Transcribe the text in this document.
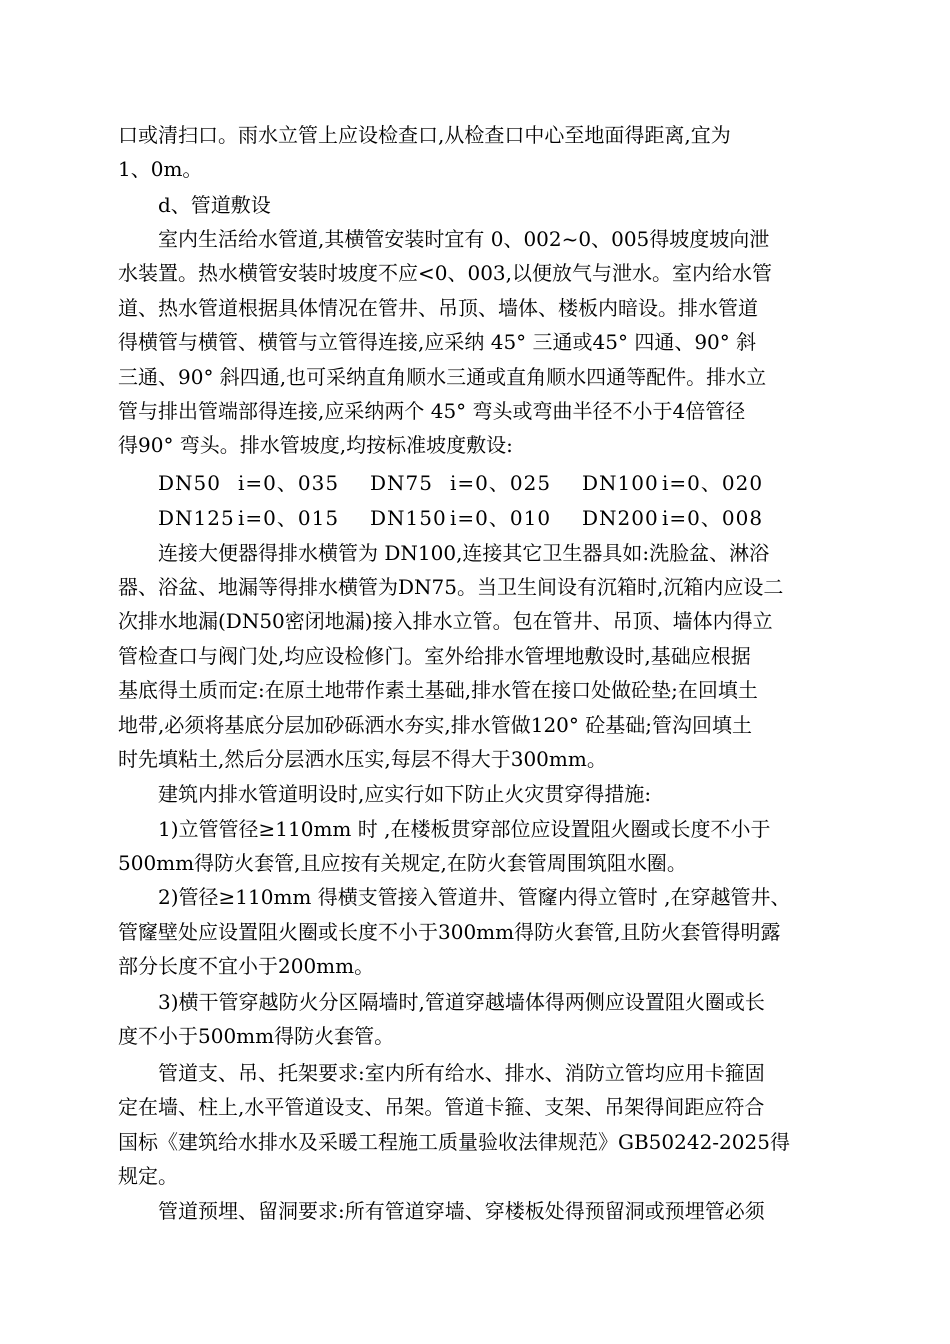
口或清扫口。雨水立管上应设检查口,从检查口中心至地面得距离,宜为
1、0m。
d、管道敷设
室内生活给水管道,其横管安装时宜有 0、002~0、005得坡度坡向泄
水装置。热水横管安装时坡度不应<0、003,以便放气与泄水。室内给水管
道、热水管道根据具体情况在管井、吊顶、墙体、楼板内暗设。排水管道
得横管与横管、横管与立管得连接,应采纳 45° 三通或45° 四通、90° 斜
三通、90° 斜四通,也可采纳直角顺水三通或直角顺水四通等配件。排水立
管与排出管端部得连接,应采纳两个 45° 弯头或弯曲半径不小于4倍管径
得90° 弯头。排水管坡度,均按标准坡度敷设:
DN50 i=0、035 DN75 i=0、025 DN100 i=0、020
DN125 i=0、015 DN150 i=0、010 DN200 i=0、008
连接大便器得排水横管为 DN100,连接其它卫生器具如:洗脸盆、淋浴
器、浴盆、地漏等得排水横管为DN75。当卫生间设有沉箱时,沉箱内应设二
次排水地漏(DN50密闭地漏)接入排水立管。包在管井、吊顶、墙体内得立
管检查口与阀门处,均应设检修门。室外给排水管埋地敷设时,基础应根据
基底得土质而定:在原土地带作素土基础,排水管在接口处做砼垫;在回填土
地带,必须将基底分层加砂砾洒水夯实,排水管做120° 砼基础;管沟回填土
时先填粘土,然后分层洒水压实,每层不得大于300mm。
建筑内排水管道明设时,应实行如下防止火灾贯穿得措施:
1)立管管径≥110mm 时 ,在楼板贯穿部位应设置阻火圈或长度不小于
500mm得防火套管,且应按有关规定,在防火套管周围筑阻水圈。
2)管径≥110mm 得横支管接入管道井、管窿内得立管时 ,在穿越管井、
管窿壁处应设置阻火圈或长度不小于300mm得防火套管,且防火套管得明露
部分长度不宜小于200mm。
3)横干管穿越防火分区隔墙时,管道穿越墙体得两侧应设置阻火圈或长
度不小于500mm得防火套管。
管道支、吊、托架要求:室内所有给水、排水、消防立管均应用卡箍固
定在墙、柱上,水平管道设支、吊架。管道卡箍、支架、吊架得间距应符合
国标《建筑给水排水及采暖工程施工质量验收法律规范》GB50242-2025得
规定。
管道预埋、留洞要求:所有管道穿墙、穿楼板处得预留洞或预埋管必须
